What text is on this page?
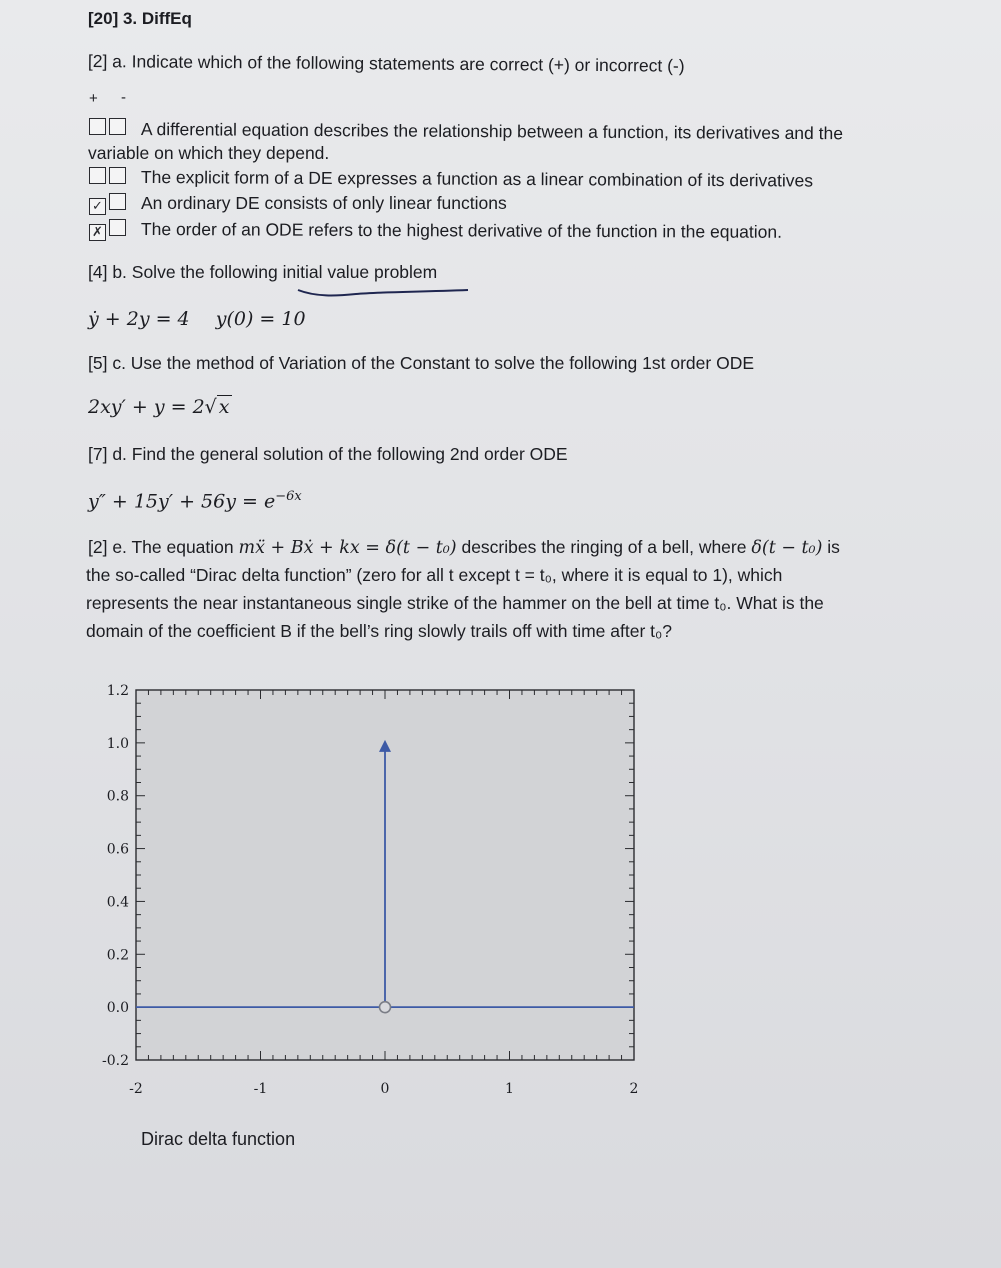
[20] 3. DiffEq
[2] a. Indicate which of the following statements are correct (+) or incorrect (-)
+ -
A differential equation describes the relationship between a function, its derivatives and the
variable on which they depend.
The explicit form of a DE expresses a function as a linear combination of its derivatives
✓	An ordinary DE consists of only linear functions
✗	The order of an ODE refers to the highest derivative of the function in the equation.
[4] b. Solve the following initial value problem
ẏ + 2y = 4 y(0) = 10
[5] c. Use the method of Variation of the Constant to solve the following 1st order ODE
2xy′ + y = 2√ x
[7] d. Find the general solution of the following 2nd order ODE
$y'' + 15y' + 56y = e^{-6x}$
[2] e. The equation mẍ + Bẋ + kx = δ(t − t₀) describes the ringing of a bell, where δ(t − t₀) is
the so-called “Dirac delta function” (zero for all t except t = t₀, where it is equal to 1), which
represents the near instantaneous single strike of the hammer on the bell at time t₀. What is the
domain of the coefficient B if the bell’s ring slowly trails off with time after t₀?
-2	-1	0	1	2
1.2
1.0
0.8
0.6
0.4
0.2
0.0
-0.2
Dirac delta function
